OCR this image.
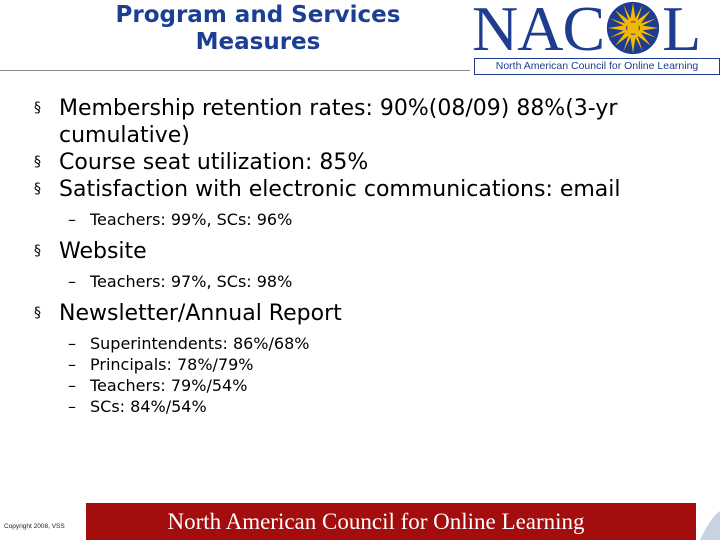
Program and Services
Measures	NAC L
North American Council for Online Learning
§ Membership retention rates: 90%(08/09) 88%(3-yr cumulative)
§ Course seat utilization: 85%
§ Satisfaction with electronic communications: email
– Teachers: 99%, SCs: 96%
§ Website
– Teachers: 97%, SCs: 98%
§ Newsletter/Annual Report
– Superintendents: 86%/68%
– Principals: 78%/79%
– Teachers: 79%/54%
– SCs: 84%/54%
Copyright 2008, VSS	North American Council for Online Learning
